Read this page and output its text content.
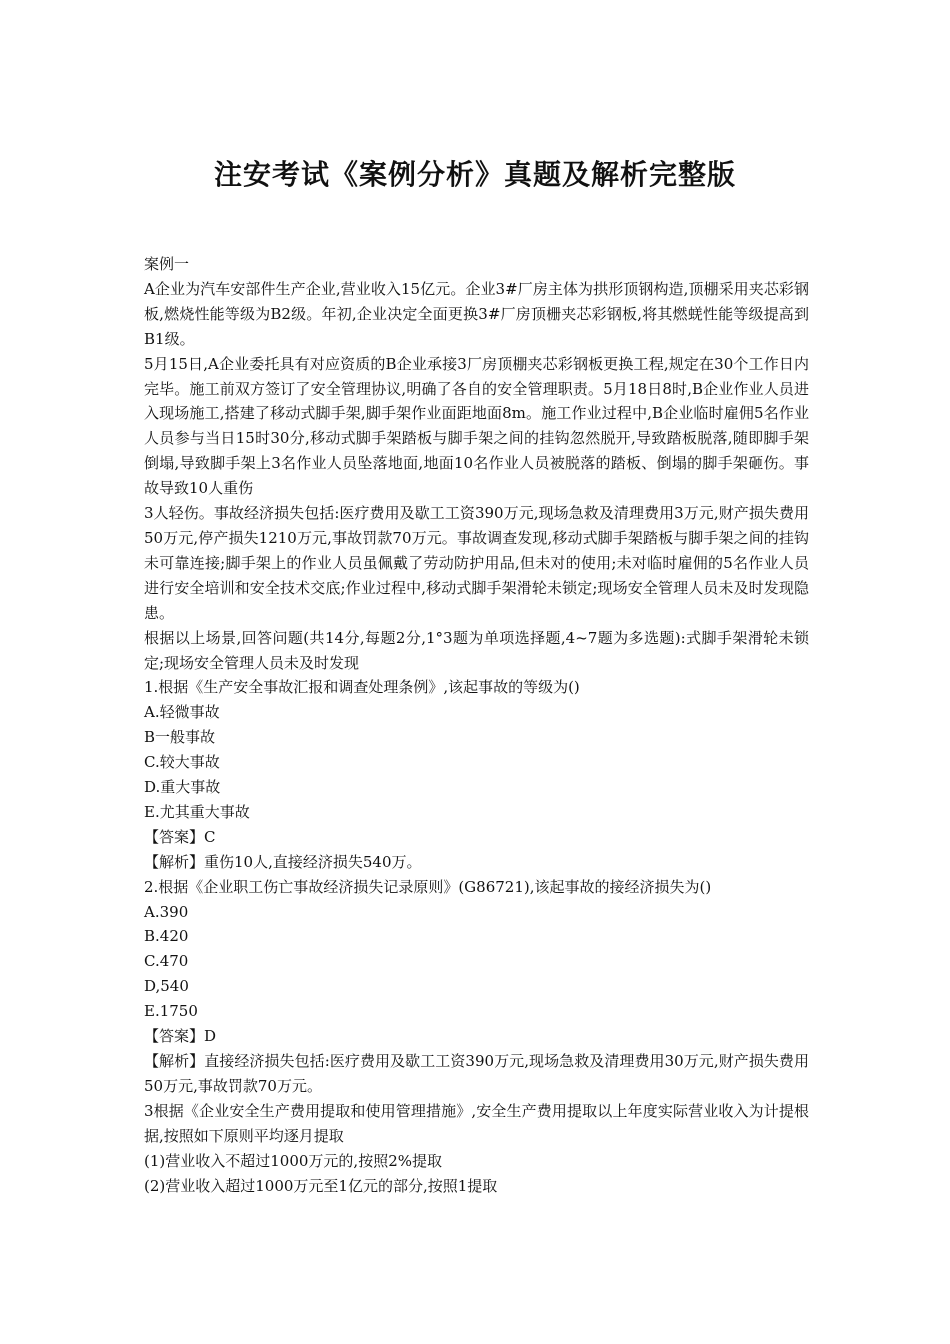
注安考试《案例分析》真题及解析完整版

案例一

A企业为汽车安部件生产企业,营业收入15亿元。企业3#厂房主体为拱形顶钢构造,顶棚采用夹芯彩钢板,燃烧性能等级为B2级。年初,企业决定全面更换3#厂房顶栅夹芯彩钢板,将其燃蜣性能等级提高到B1级。

5月15日,A企业委托具有对应资质的B企业承接3厂房顶棚夹芯彩钢板更换工程,规定在30个工作日内完毕。施工前双方签订了安全管理协议,明确了各自的安全管理职责。5月18日8时,B企业作业人员进入现场施工,搭建了移动式脚手架,脚手架作业面距地面8m。施工作业过程中,B企业临时雇佣5名作业人员参与当日15时30分,移动式脚手架踏板与脚手架之间的挂钩忽然脱开,导致踏板脱落,随即脚手架倒塌,导致脚手架上3名作业人员坠落地面,地面10名作业人员被脱落的踏板、倒塌的脚手架砸伤。事故导致10人重伤

3人轻伤。事故经济损失包括:医疗费用及歇工工资390万元,现场急救及清理费用3万元,财产损失费用50万元,停产损失1210万元,事故罚款70万元。事故调查发现,移动式脚手架踏板与脚手架之间的挂钩未可靠连接;脚手架上的作业人员虽佩戴了劳动防护用品,但未对的使用;未对临时雇佣的5名作业人员进行安全培训和安全技术交底;作业过程中,移动式脚手架滑轮未锁定;现场安全管理人员未及时发现隐患。

根据以上场景,回答问题(共14分,每题2分,1°3题为单项选择题,4~7题为多选题):式脚手架滑轮未锁定;现场安全管理人员未及时发现

1.根据《生产安全事故汇报和调查处理条例》,该起事故的等级为()

A.轻微事故

B一般事故

C.较大事故

D.重大事故

E.尤其重大事故

【答案】C

【解析】重伤10人,直接经济损失540万。

2.根据《企业职工伤亡事故经济损失记录原则》(G86721),该起事故的接经济损失为()

A.390

B.420

C.470

D,540

E.1750

【答案】D

【解析】直接经济损失包括:医疗费用及歇工工资390万元,现场急救及清理费用30万元,财产损失费用50万元,事故罚款70万元。

3根据《企业安全生产费用提取和使用管理措施》,安全生产费用提取以上年度实际营业收入为计提根据,按照如下原则平均逐月提取

(1)营业收入不超过1000万元的,按照2%提取

(2)营业收入超过1000万元至1亿元的部分,按照1提取
